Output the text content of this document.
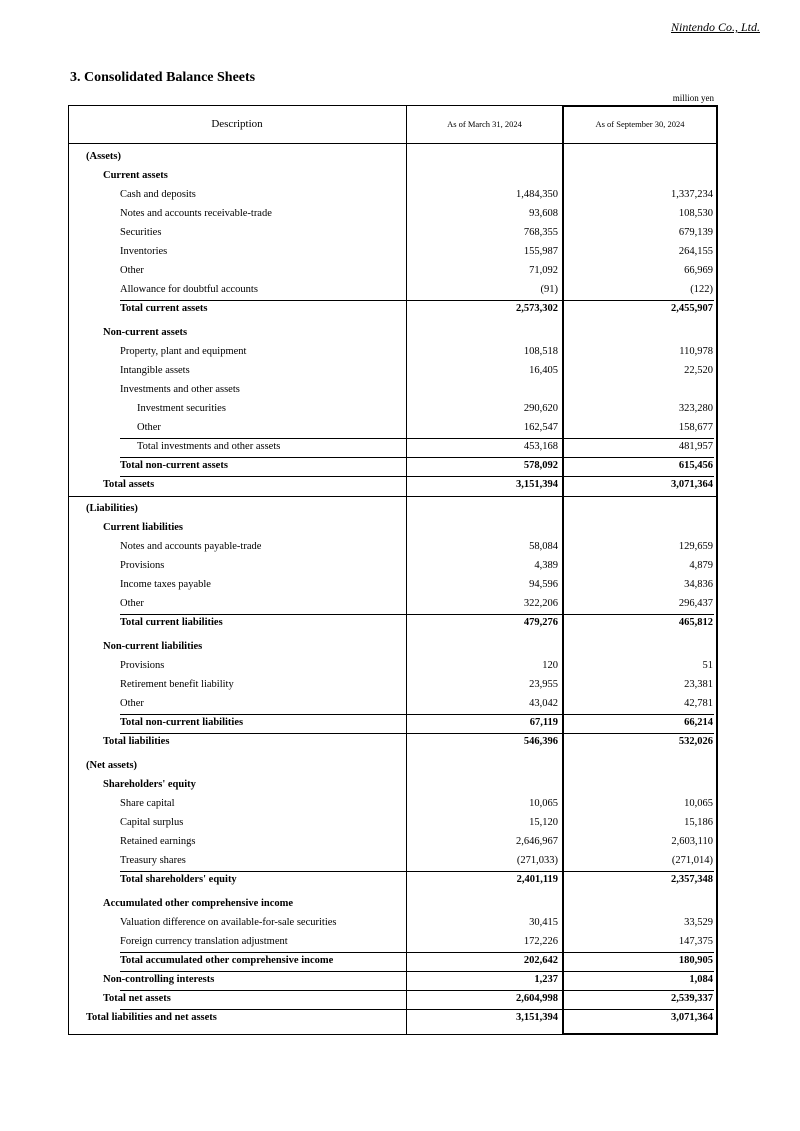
Nintendo Co., Ltd.
3. Consolidated Balance Sheets
million yen
Description	As of March 31, 2024	As of September 30, 2024
(Assets)
Current assets
Cash and deposits	1,484,350	1,337,234
Notes and accounts receivable-trade	93,608	108,530
Securities	768,355	679,139
Inventories	155,987	264,155
Other	71,092	66,969
Allowance for doubtful accounts	(91)	(122)
Total current assets	2,573,302	2,455,907
Non-current assets
Property, plant and equipment	108,518	110,978
Intangible assets	16,405	22,520
Investments and other assets
Investment securities	290,620	323,280
Other	162,547	158,677
Total investments and other assets	453,168	481,957
Total non-current assets	578,092	615,456
Total assets	3,151,394	3,071,364
(Liabilities)
Current liabilities
Notes and accounts payable-trade	58,084	129,659
Provisions	4,389	4,879
Income taxes payable	94,596	34,836
Other	322,206	296,437
Total current liabilities	479,276	465,812
Non-current liabilities
Provisions	120	51
Retirement benefit liability	23,955	23,381
Other	43,042	42,781
Total non-current liabilities	67,119	66,214
Total liabilities	546,396	532,026
(Net assets)
Shareholders' equity
Share capital	10,065	10,065
Capital surplus	15,120	15,186
Retained earnings	2,646,967	2,603,110
Treasury shares	(271,033)	(271,014)
Total shareholders' equity	2,401,119	2,357,348
Accumulated other comprehensive income
Valuation difference on available-for-sale securities	30,415	33,529
Foreign currency translation adjustment	172,226	147,375
Total accumulated other comprehensive income	202,642	180,905
Non-controlling interests	1,237	1,084
Total net assets	2,604,998	2,539,337
Total liabilities and net assets	3,151,394	3,071,364
